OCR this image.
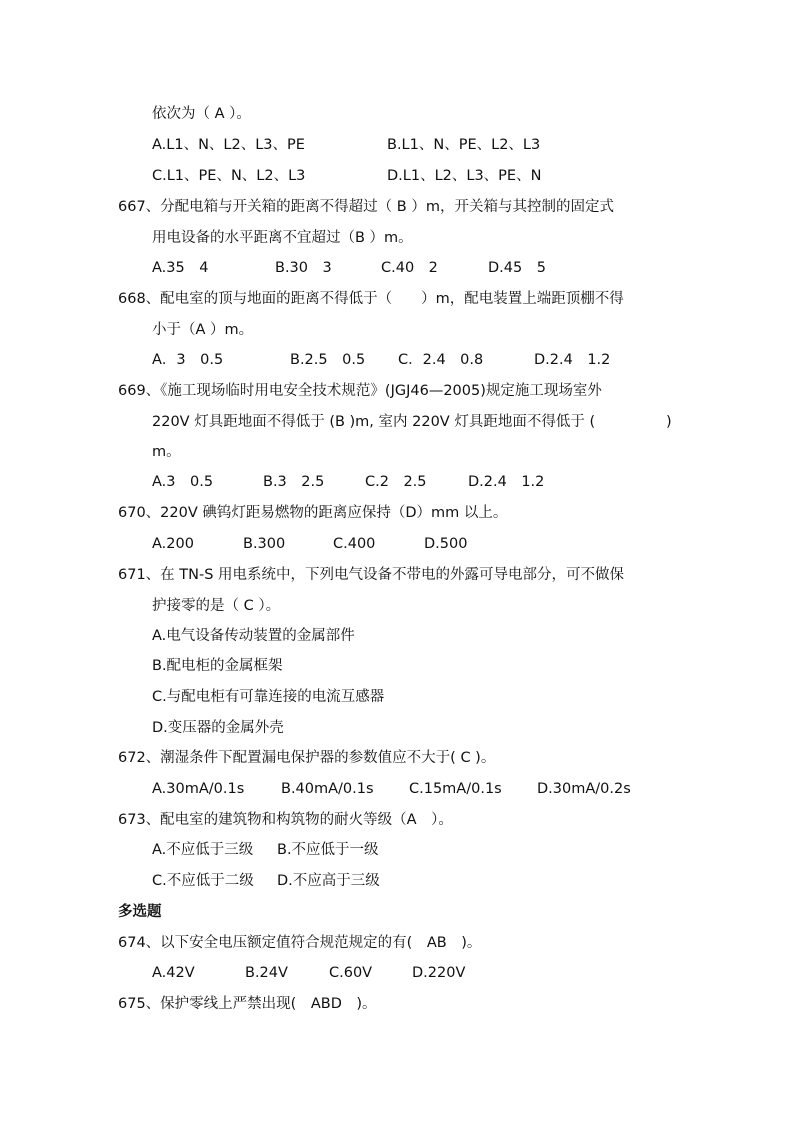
依次为（ A ）。
A.L1、N、L2、L3、PE	B.L1、N、PE、L2、L3
C.L1、PE、N、L2、L3	D.L1、L2、L3、PE、N
667、分配电箱与开关箱的距离不得超过（ B ）m，开关箱与其控制的固定式
用电设备的水平距离不宜超过（B ）m。
A.35　4	B.30　3	C.40　2	D.45　5
668、配电室的顶与地面的距离不得低于（　　）m，配电装置上端距顶棚不得
小于（A ）m。
A．3　0.5	B.2.5　0.5 C．2.4　0.8	D.2.4　1.2
669、《施工现场临时用电安全技术规范》(JGJ46—2005)规定施工现场室外
220V 灯具距地面不得低于 (B )m, 室内 220V 灯具距地面不得低于 (	)
m。
A.3　0.5	B.3　2.5	C.2　2.5	D.2.4　1.2
670、220V 碘钨灯距易燃物的距离应保持（D）mm 以上。
A.200	B.300	C.400	D.500
671、在 TN-S 用电系统中，下列电气设备不带电的外露可导电部分，可不做保
护接零的是（ C ）。
A.电气设备传动装置的金属部件
B.配电柜的金属框架
C.与配电柜有可靠连接的电流互感器
D.变压器的金属外壳
672、潮湿条件下配置漏电保护器的参数值应不大于( C )。
A.30mA/0.1s	B.40mA/0.1s C.15mA/0.1s D.30mA/0.2s
673、配电室的建筑物和构筑物的耐火等级（A　）。
A.不应低于三级 B.不应低于一级
C.不应低于二级 D.不应高于三级
多选题
674、以下安全电压额定值符合规范规定的有(　AB　)。
A.42V	B.24V	C.60V	D.220V
675、保护零线上严禁出现(　ABD　)。
